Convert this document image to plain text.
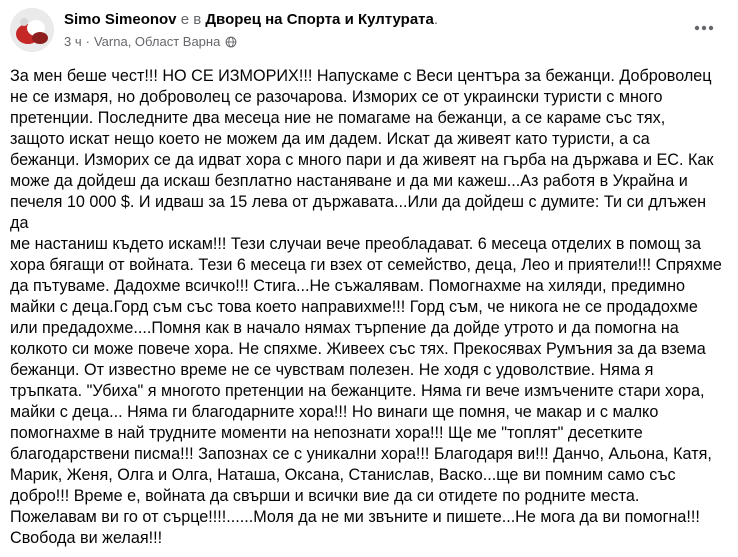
Simo Simeonov е в Дворец на Спорта и Културата.
3 ч · Varna, Област Варна

За мен беше чест!!! НО СЕ ИЗМОРИХ!!! Напускаме с Веси центъра за бежанци. Доброволец
не се измаря, но доброволец се разочарова. Изморих се от украински туристи с много
претенции. Последните два месеца ние не помагаме на бежанци, а се караме със тях,
защото искат нещо което не можем да им дадем. Искат да живеят като туристи, а са
бежанци. Изморих се да идват хора с много пари и да живеят на гърба на държава и ЕС. Как
може да дойдеш да искаш безплатно настаняване и да ми кажеш...Аз работя в Украйна и
печеля 10 000 $. И идваш за 15 лева от държавата...Или да дойдеш с думите: Ти си длъжен да
ме настаниш където искам!!! Тези случаи вече преобладават. 6 месеца отделих в помощ за
хора бягащи от войната. Тези 6 месеца ги взех от семейство, деца, Лео и приятели!!! Спряхме
да пътуваме. Дадохме всичко!!! Стига...Не съжалявам. Помогнахме на хиляди, предимно
майки с деца.Горд съм със това което направихме!!! Горд съм, че никога не се продадохме
или предадохме....Помня как в начало нямах търпение да дойде утрото и да помогна на
колкото си може повече хора. Не спяхме. Живеех със тях. Прекосявах Румъния за да взема
бежанци. От известно време не се чувствам полезен. Не ходя с удоволствие. Няма я
тръпката. "Убиха" я многото претенции на бежанците. Няма ги вече измъчените стари хора,
майки с деца... Няма ги благодарните хора!!! Но винаги ще помня, че макар и с малко
помогнахме в най трудните моменти на непознати хора!!! Ще ме "топлят" десетките
благодарствени писма!!! Запознах се с уникални хора!!! Благодаря ви!!! Данчо, Альона, Катя,
Марик, Женя, Олга и Олга, Наташа, Оксана, Станислав, Васко...ще ви помним само със
добро!!! Време е, войната да свърши и всички вие да си отидете по родните места.
Пожелавам ви го от сърце!!!!......Моля да не ми звъните и пишете...Не мога да ви помогна!!!
Свобода ви желая!!!
